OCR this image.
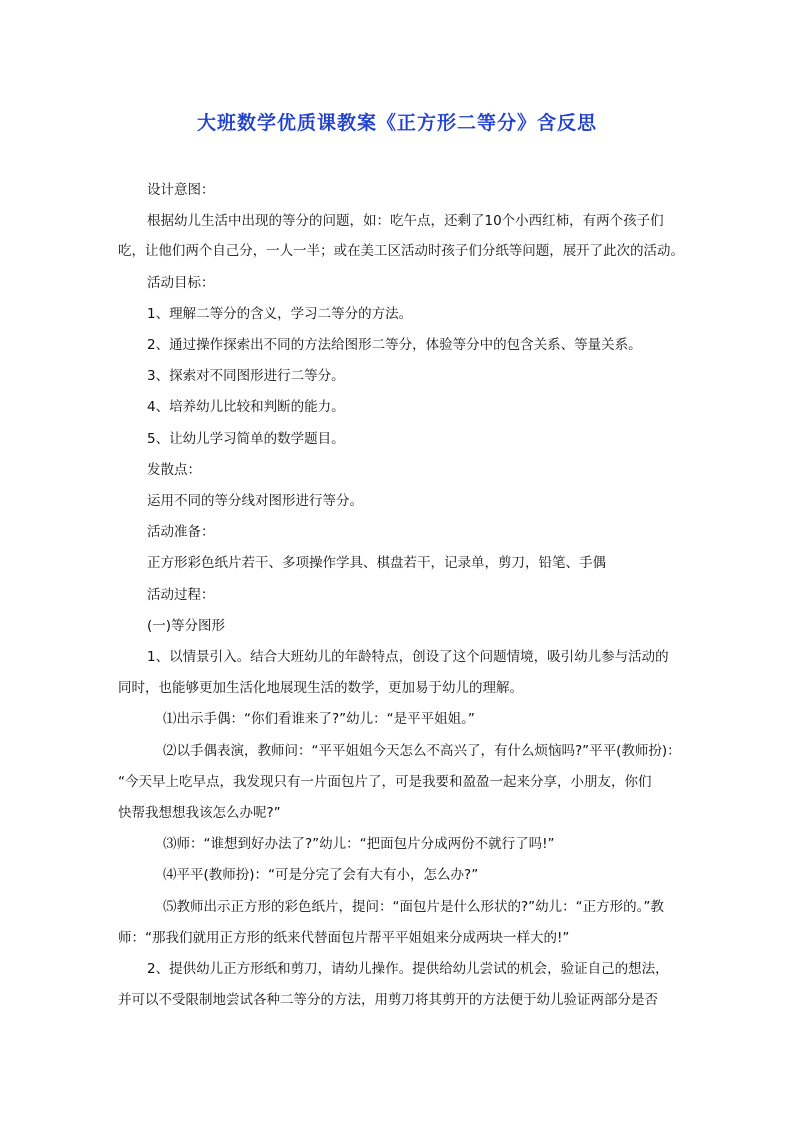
大班数学优质课教案《正方形二等分》含反思
设计意图：
根据幼儿生活中出现的等分的问题，如：吃午点，还剩了10个小西红柿，有两个孩子们
吃，让他们两个自己分，一人一半；或在美工区活动时孩子们分纸等问题，展开了此次的活动。
活动目标：
1、理解二等分的含义，学习二等分的方法。
2、通过操作探索出不同的方法给图形二等分，体验等分中的包含关系、等量关系。
3、探索对不同图形进行二等分。
4、培养幼儿比较和判断的能力。
5、让幼儿学习简单的数学题目。
发散点：
运用不同的等分线对图形进行等分。
活动准备：
正方形彩色纸片若干、多项操作学具、棋盘若干，记录单，剪刀，铅笔、手偶
活动过程：
(一)等分图形
1、以情景引入。结合大班幼儿的年龄特点，创设了这个问题情境，吸引幼儿参与活动的
同时，也能够更加生活化地展现生活的数学，更加易于幼儿的理解。
⑴出示手偶：“你们看谁来了?”幼儿：“是平平姐姐。”
⑵以手偶表演，教师问：“平平姐姐今天怎么不高兴了，有什么烦恼吗?”平平(教师扮)：
“今天早上吃早点，我发现只有一片面包片了，可是我要和盈盈一起来分享，小朋友，你们
快帮我想想我该怎么办呢?”
⑶师：“谁想到好办法了?”幼儿：“把面包片分成两份不就行了吗!”
⑷平平(教师扮)：“可是分完了会有大有小，怎么办?”
⑸教师出示正方形的彩色纸片，提问：“面包片是什么形状的?”幼儿：“正方形的。”教
师：“那我们就用正方形的纸来代替面包片帮平平姐姐来分成两块一样大的!”
2、提供幼儿正方形纸和剪刀，请幼儿操作。提供给幼儿尝试的机会，验证自己的想法，
并可以不受限制地尝试各种二等分的方法，用剪刀将其剪开的方法便于幼儿验证两部分是否
